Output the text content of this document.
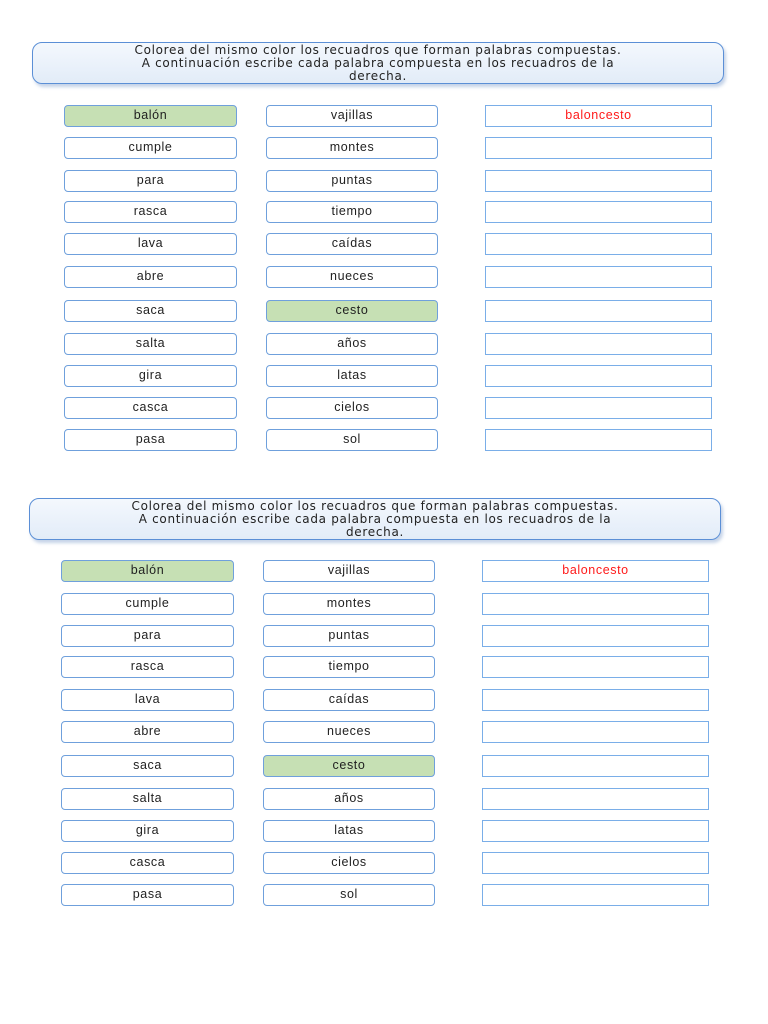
Colorea del mismo color los recuadros que forman palabras compuestas.
A continuación escribe cada palabra compuesta en los recuadros de la
derecha.
balón	vajillas	baloncesto
cumple	montes
para	puntas
rasca	tiempo
lava	caídas
abre	nueces
saca	cesto
salta	años
gira	latas
casca	cielos
pasa	sol
Colorea del mismo color los recuadros que forman palabras compuestas.
A continuación escribe cada palabra compuesta en los recuadros de la
derecha.
balón	vajillas	baloncesto
cumple	montes
para	puntas
rasca	tiempo
lava	caídas
abre	nueces
saca	cesto
salta	años
gira	latas
casca	cielos
pasa	sol
